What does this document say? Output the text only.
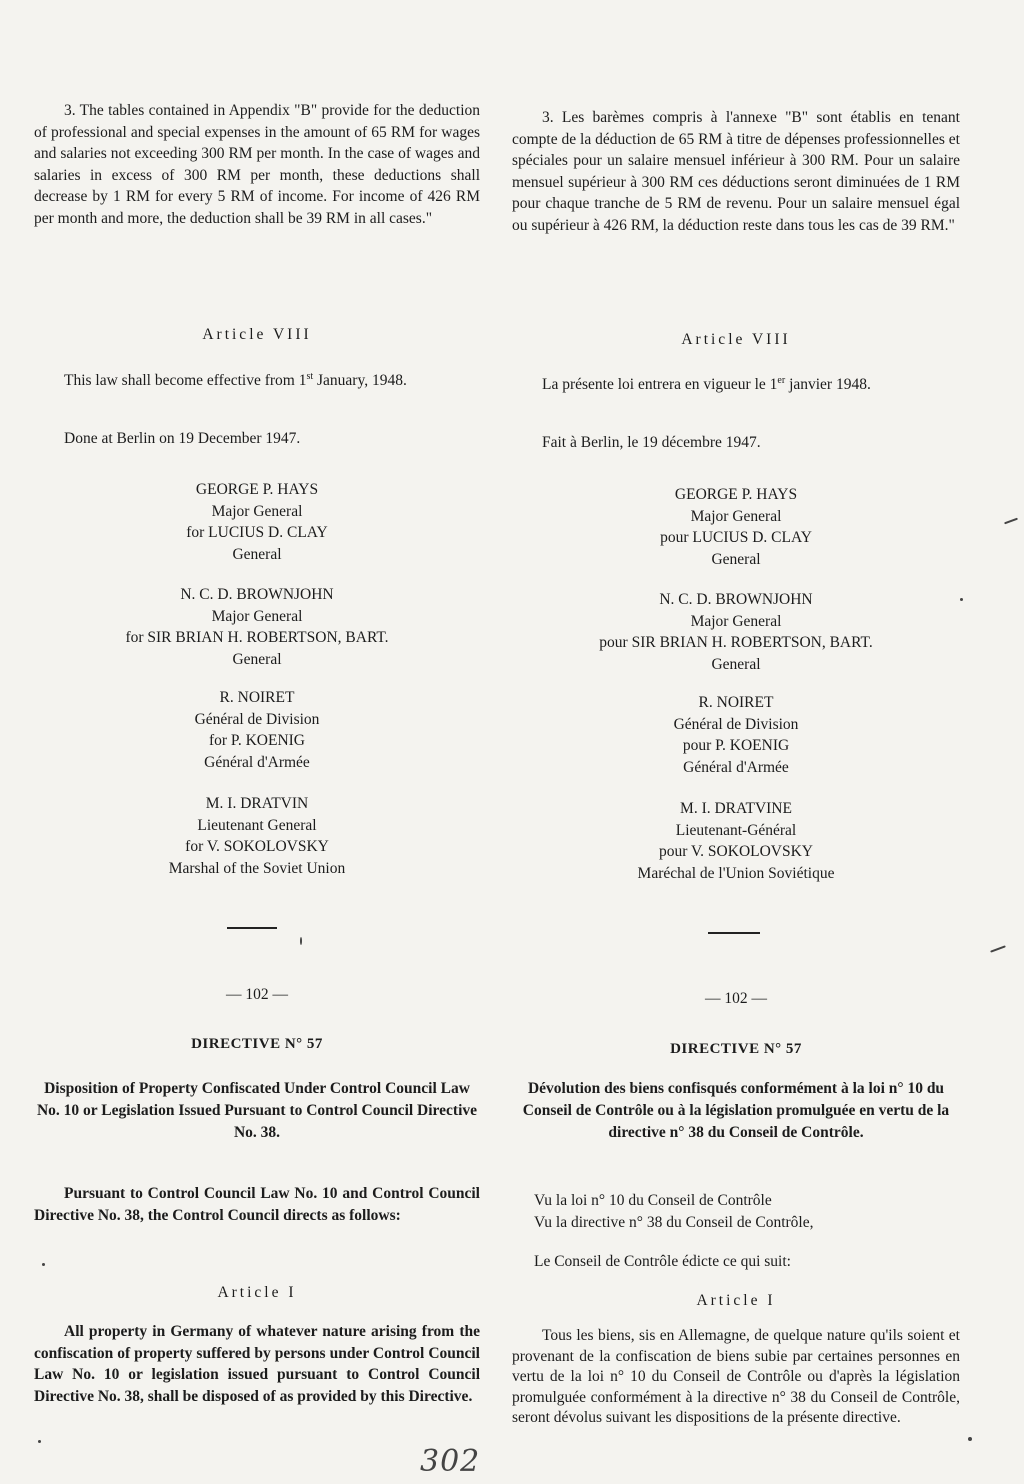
3. The tables contained in Appendix "B" provide for the deduction of professional and special expenses in the amount of 65 RM for wages and salaries not exceeding 300 RM per month. In the case of wages and salaries in excess of 300 RM per month, these deductions shall decrease by 1 RM for every 5 RM of income. For income of 426 RM per month and more, the deduction shall be 39 RM in all cases."

Article VIII

This law shall become effective from 1st January, 1948.

Done at Berlin on 19 December 1947.

GEORGE P. HAYS
Major General
for LUCIUS D. CLAY
General
N. C. D. BROWNJOHN
Major General
for SIR BRIAN H. ROBERTSON, BART.
General
R. NOIRET
Général de Division
for P. KOENIG
Général d'Armée
M. I. DRATVIN
Lieutenant General
for V. SOKOLOVSKY
Marshal of the Soviet Union

— 102 —

DIRECTIVE N° 57

Disposition of Property Confiscated Under Control Council Law No. 10 or Legislation Issued Pursuant to Control Council Directive No. 38.

Pursuant to Control Council Law No. 10 and Control Council Directive No. 38, the Control Council directs as follows:

Article I

All property in Germany of whatever nature arising from the confiscation of property suffered by persons under Control Council Law No. 10 or legislation issued pursuant to Control Council Directive No. 38, shall be disposed of as provided by this Directive.

3. Les barèmes compris à l'annexe "B" sont établis en tenant compte de la déduction de 65 RM à titre de dépenses professionnelles et spéciales pour un salaire mensuel inférieur à 300 RM. Pour un salaire mensuel supérieur à 300 RM ces déductions seront diminuées de 1 RM pour chaque tranche de 5 RM de revenu. Pour un salaire mensuel égal ou supérieur à 426 RM, la déduction reste dans tous les cas de 39 RM."

Article VIII

La présente loi entrera en vigueur le 1er janvier 1948.

Fait à Berlin, le 19 décembre 1947.

GEORGE P. HAYS
Major General
pour LUCIUS D. CLAY
General
N. C. D. BROWNJOHN
Major General
pour SIR BRIAN H. ROBERTSON, BART.
General
R. NOIRET
Général de Division
pour P. KOENIG
Général d'Armée
M. I. DRATVINE
Lieutenant-Général
pour V. SOKOLOVSKY
Maréchal de l'Union Soviétique

— 102 —

DIRECTIVE N° 57

Dévolution des biens confisqués conformément à la loi n° 10 du Conseil de Contrôle ou à la législation promulguée en vertu de la directive n° 38 du Conseil de Contrôle.

Vu la loi n° 10 du Conseil de Contrôle

Vu la directive n° 38 du Conseil de Contrôle,

Le Conseil de Contrôle édicte ce qui suit:

Article I

Tous les biens, sis en Allemagne, de quelque nature qu'ils soient et provenant de la confiscation de biens subie par certaines personnes en vertu de la loi n° 10 du Conseil de Contrôle ou d'après la législation promulguée conformément à la directive n° 38 du Conseil de Contrôle, seront dévolus suivant les dispositions de la présente directive.

302
